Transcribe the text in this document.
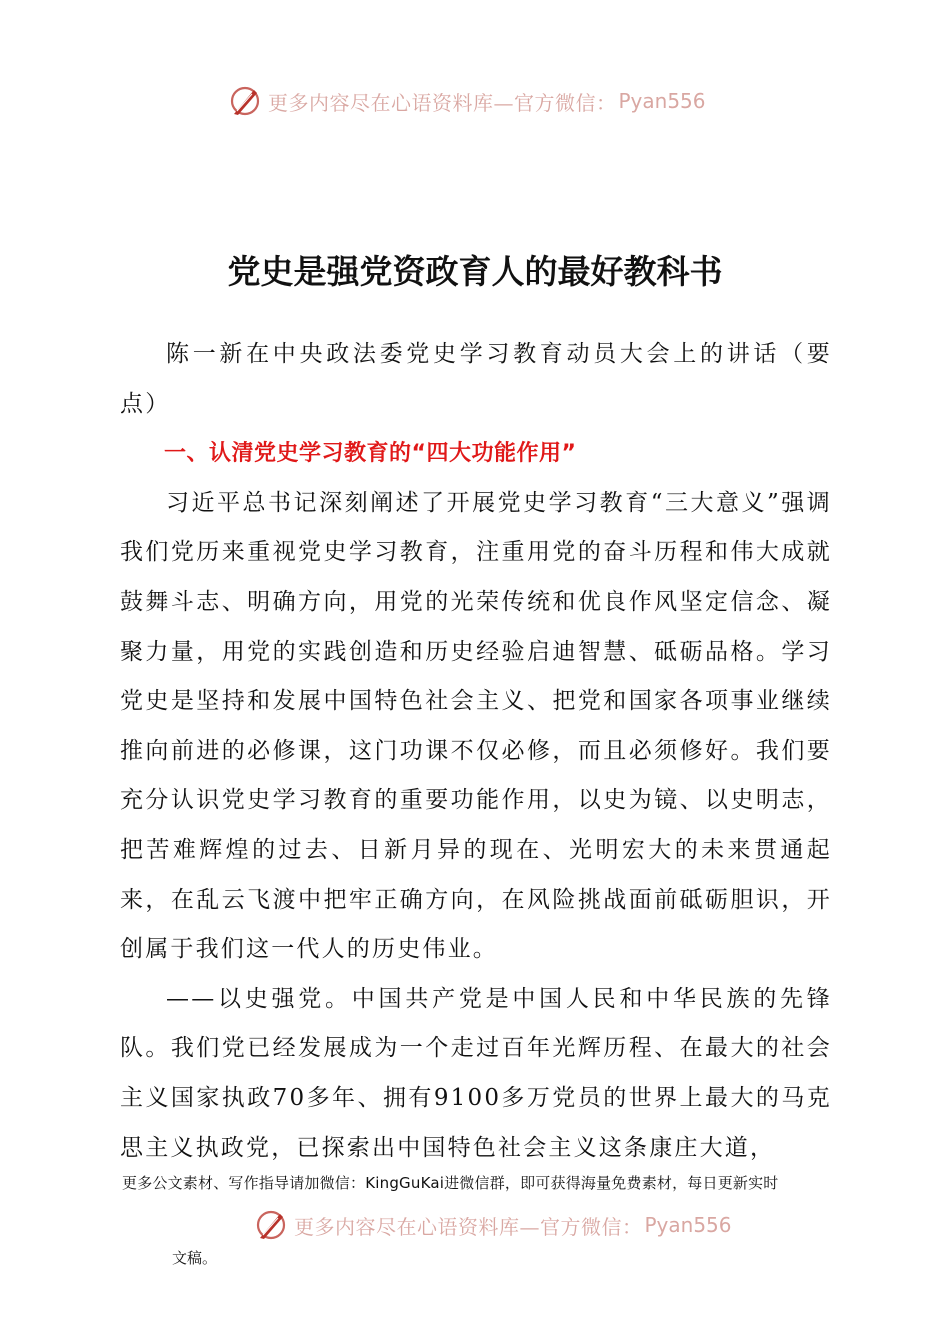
更多内容尽在心语资料库—官方微信： Pyan556
党史是强党资政育人的最好教科书

陈一新在中央政法委党史学习教育动员大会上的讲话（要点）

一、认清党史学习教育的“四大功能作用”

习近平总书记深刻阐述了开展党史学习教育“三大意义”强调我们党历来重视党史学习教育，注重用党的奋斗历程和伟大成就鼓舞斗志、明确方向，用党的光荣传统和优良作风坚定信念、凝聚力量，用党的实践创造和历史经验启迪智慧、砥砺品格。学习党史是坚持和发展中国特色社会主义、把党和国家各项事业继续推向前进的必修课，这门功课不仅必修，而且必须修好。我们要充分认识党史学习教育的重要功能作用，以史为镜、以史明志，把苦难辉煌的过去、日新月异的现在、光明宏大的未来贯通起来，在乱云飞渡中把牢正确方向，在风险挑战面前砥砺胆识，开创属于我们这一代人的历史伟业。

——以史强党。中国共产党是中国人民和中华民族的先锋队。我们党已经发展成为一个走过百年光辉历程、在最大的社会主义国家执政70多年、拥有9100多万党员的世界上最大的马克思主义执政党，已探索出中国特色社会主义这条康庄大道，

更多公文素材、写作指导请加微信：KingGuKai进微信群，即可获得海量免费素材，每日更新实时
更多内容尽在心语资料库—官方微信： Pyan556
文稿。
